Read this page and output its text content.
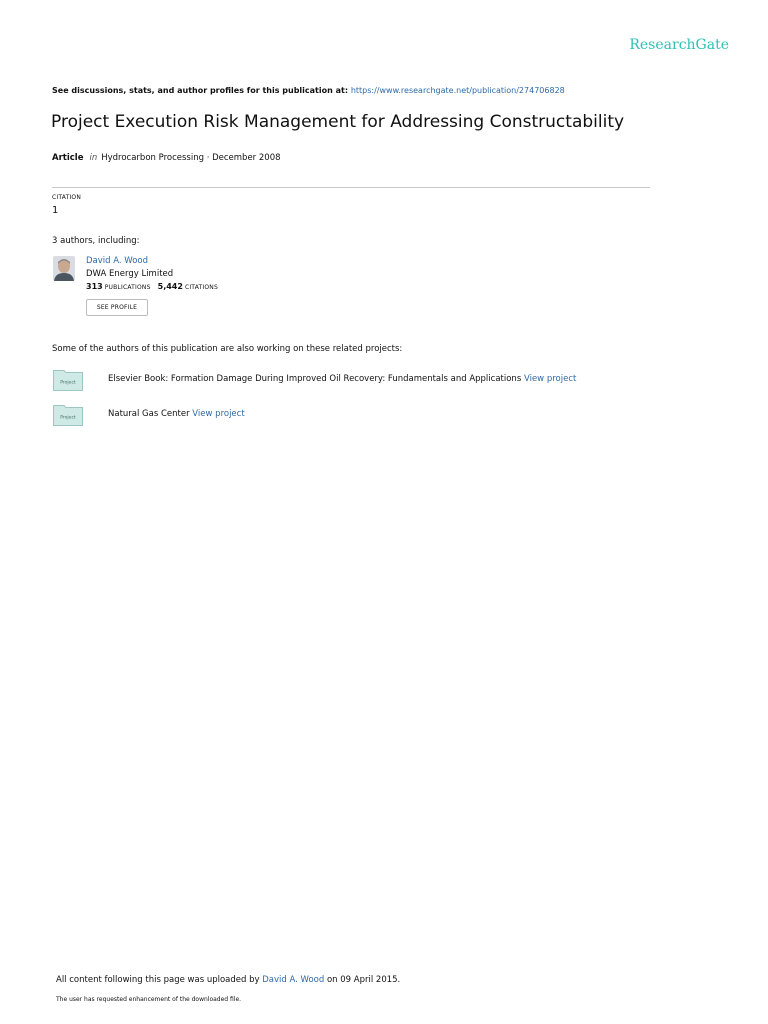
ResearchGate
See discussions, stats, and author profiles for this publication at: https://www.researchgate.net/publication/274706828
Project Execution Risk Management for Addressing Constructability
Article in Hydrocarbon Processing · December 2008
CITATION
1
3 authors, including:
David A. Wood
DWA Energy Limited
313 PUBLICATIONS 5,442 CITATIONS
SEE PROFILE
Some of the authors of this publication are also working on these related projects:
Project	Elsevier Book: Formation Damage During Improved Oil Recovery: Fundamentals and Applications View project
Project	Natural Gas Center View project
All content following this page was uploaded by David A. Wood on 09 April 2015.
The user has requested enhancement of the downloaded file.
